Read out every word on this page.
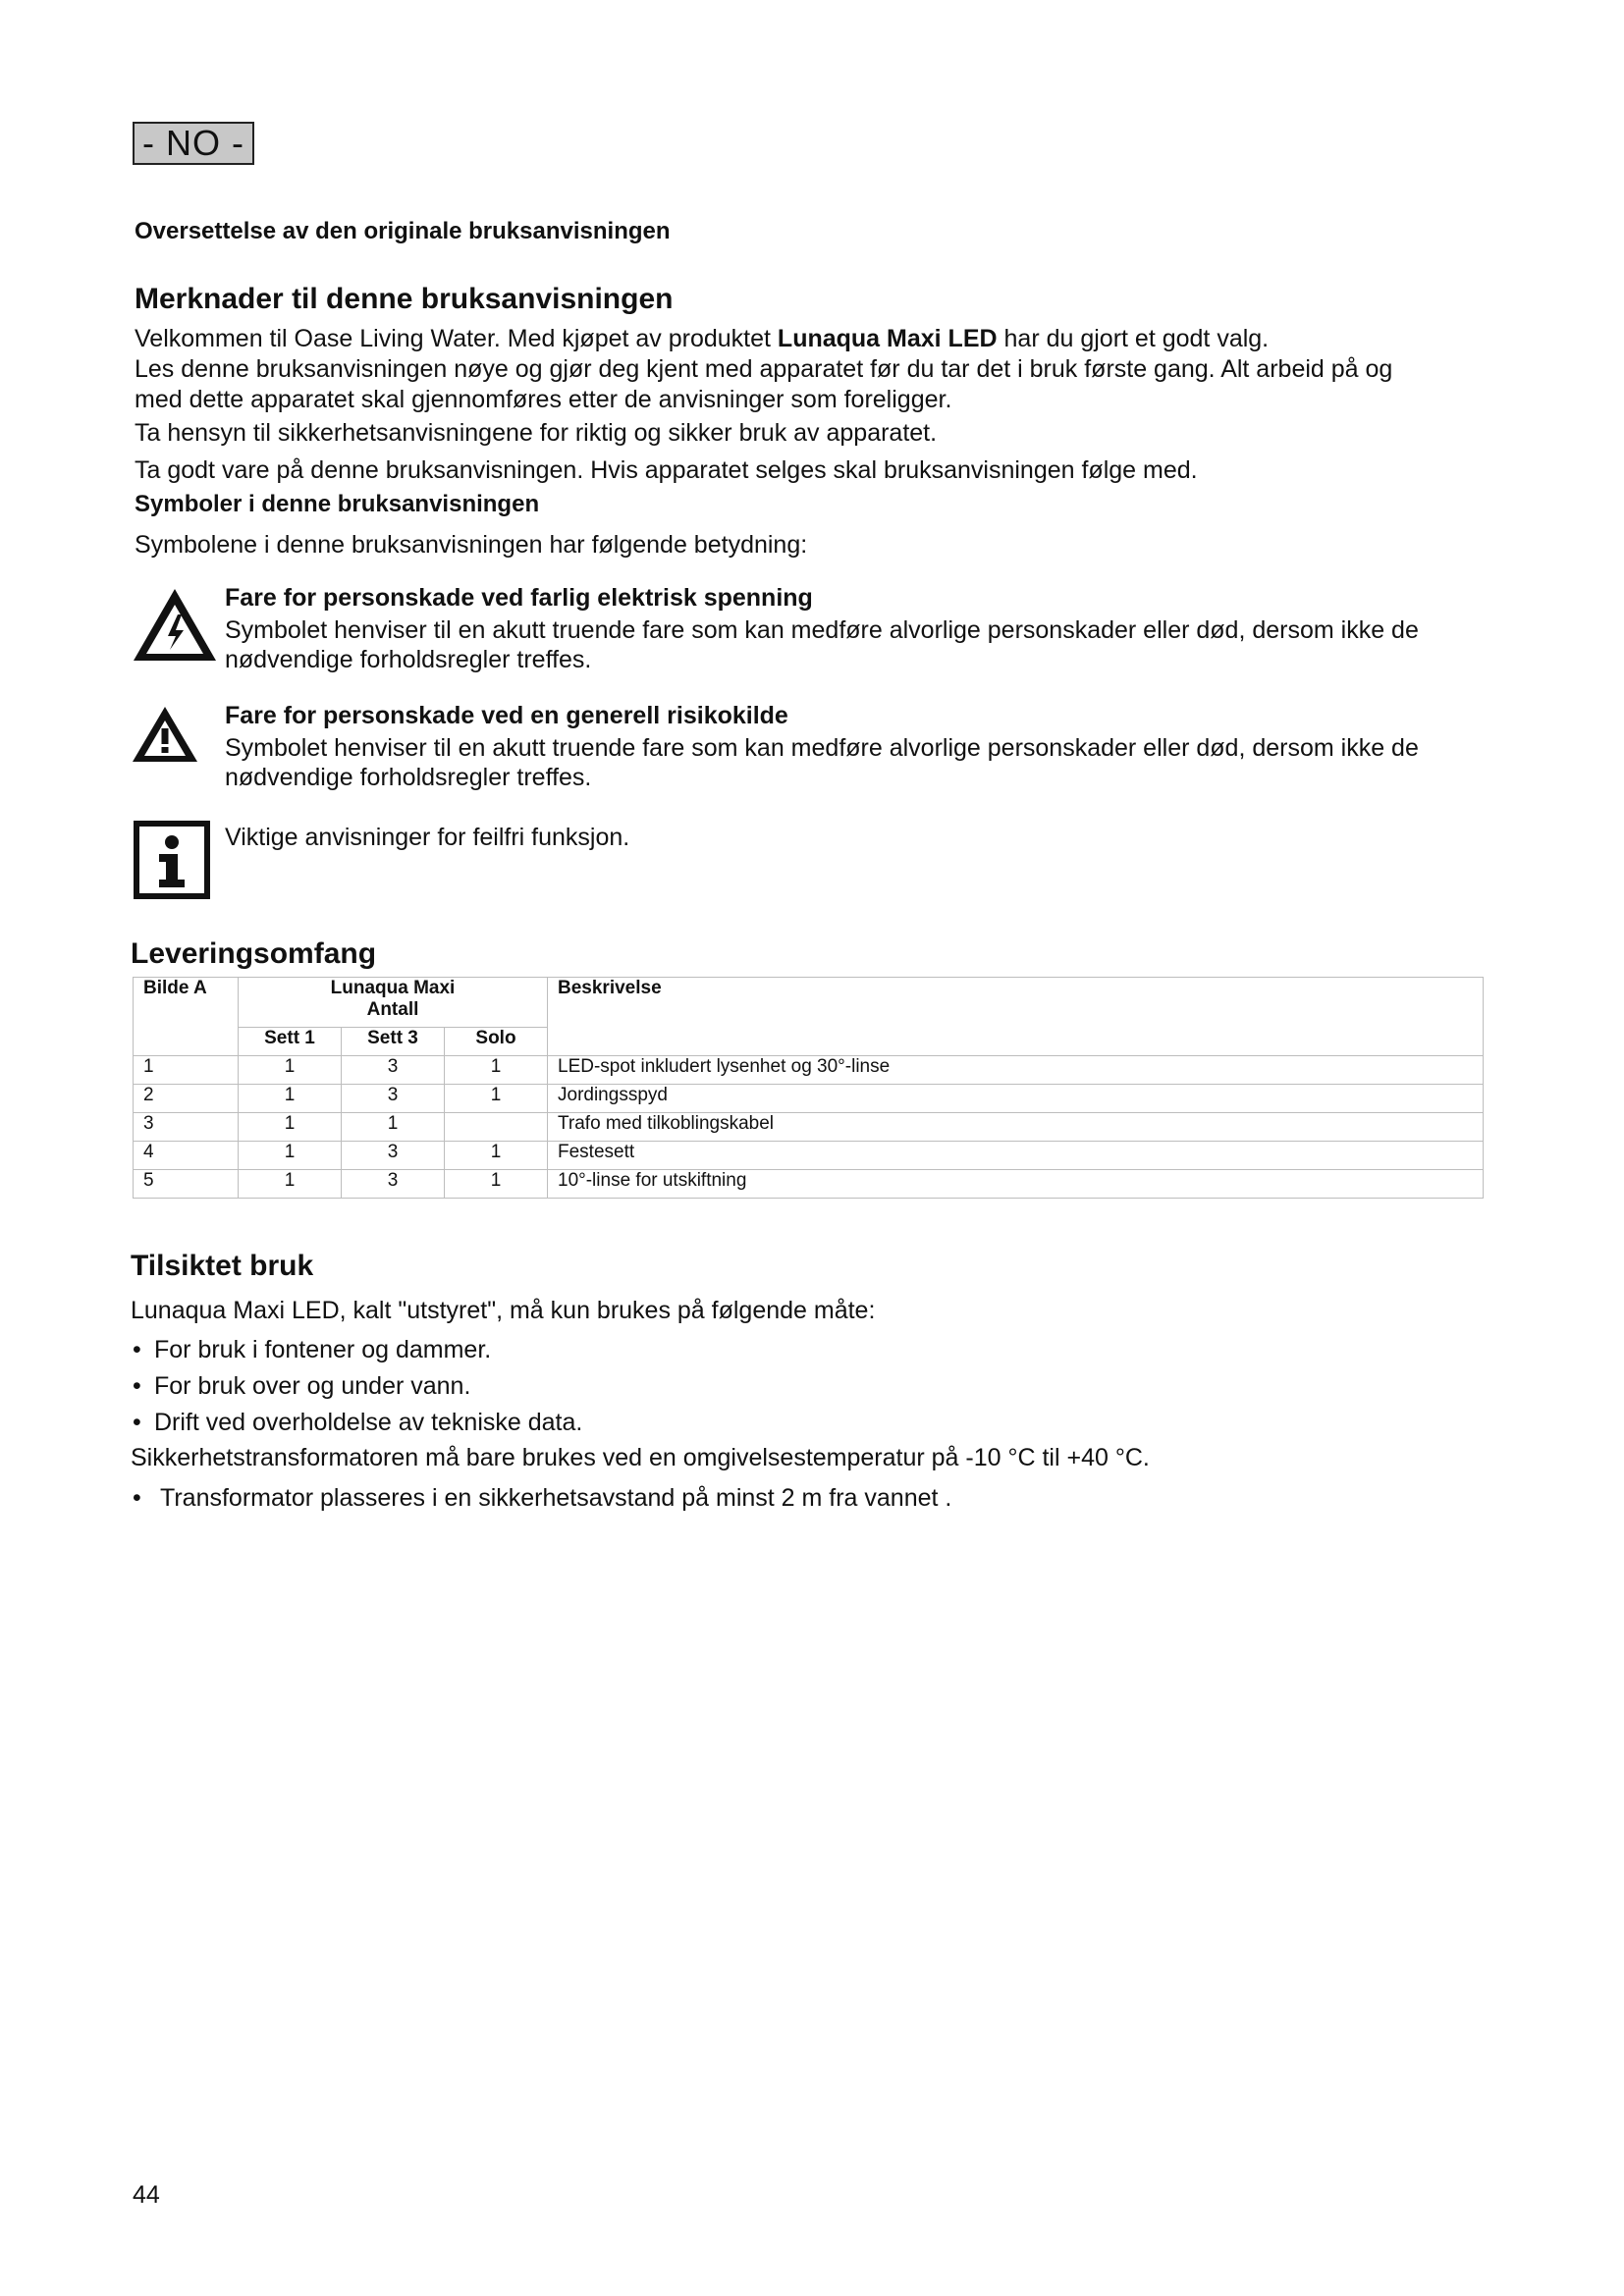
- NO -
Oversettelse av den originale bruksanvisningen
Merknader til denne bruksanvisningen

Velkommen til Oase Living Water. Med kjøpet av produktet Lunaqua Maxi LED har du gjort et godt valg.

Les denne bruksanvisningen nøye og gjør deg kjent med apparatet før du tar det i bruk første gang. Alt arbeid på og

med dette apparatet skal gjennomføres etter de anvisninger som foreligger.

Ta hensyn til sikkerhetsanvisningene for riktig og sikker bruk av apparatet.

Ta godt vare på denne bruksanvisningen. Hvis apparatet selges skal bruksanvisningen følge med.

Symboler i denne bruksanvisningen

Symbolene i denne bruksanvisningen har følgende betydning:

Fare for personskade ved farlig elektrisk spenning

Symbolet henviser til en akutt truende fare som kan medføre alvorlige personskader eller død, dersom ikke de

nødvendige forholdsregler treffes.

Fare for personskade ved en generell risikokilde

Symbolet henviser til en akutt truende fare som kan medføre alvorlige personskader eller død, dersom ikke de

nødvendige forholdsregler treffes.

Viktige anvisninger for feilfri funksjon.

Leveringsomfang
Bilde A	Lunaqua Maxi
Antall			Beskrivelse
	Sett 1	Sett 3	Solo	
1	1	3	1	LED-spot inkludert lysenhet og 30°-linse
2	1	3	1	Jordingsspyd
3	1	1		Trafo med tilkoblingskabel
4	1	3	1	Festesett
5	1	3	1	10°-linse for utskiftning
Tilsiktet bruk

Lunaqua Maxi LED, kalt "utstyret", må kun brukes på følgende måte:

• For bruk i fontener og dammer.
• For bruk over og under vann.
• Drift ved overholdelse av tekniske data.

Sikkerhetstransformatoren må bare brukes ved en omgivelsestemperatur på -10 °C til +40 °C.

• Transformator plasseres i en sikkerhetsavstand på minst 2 m fra vannet .
44
